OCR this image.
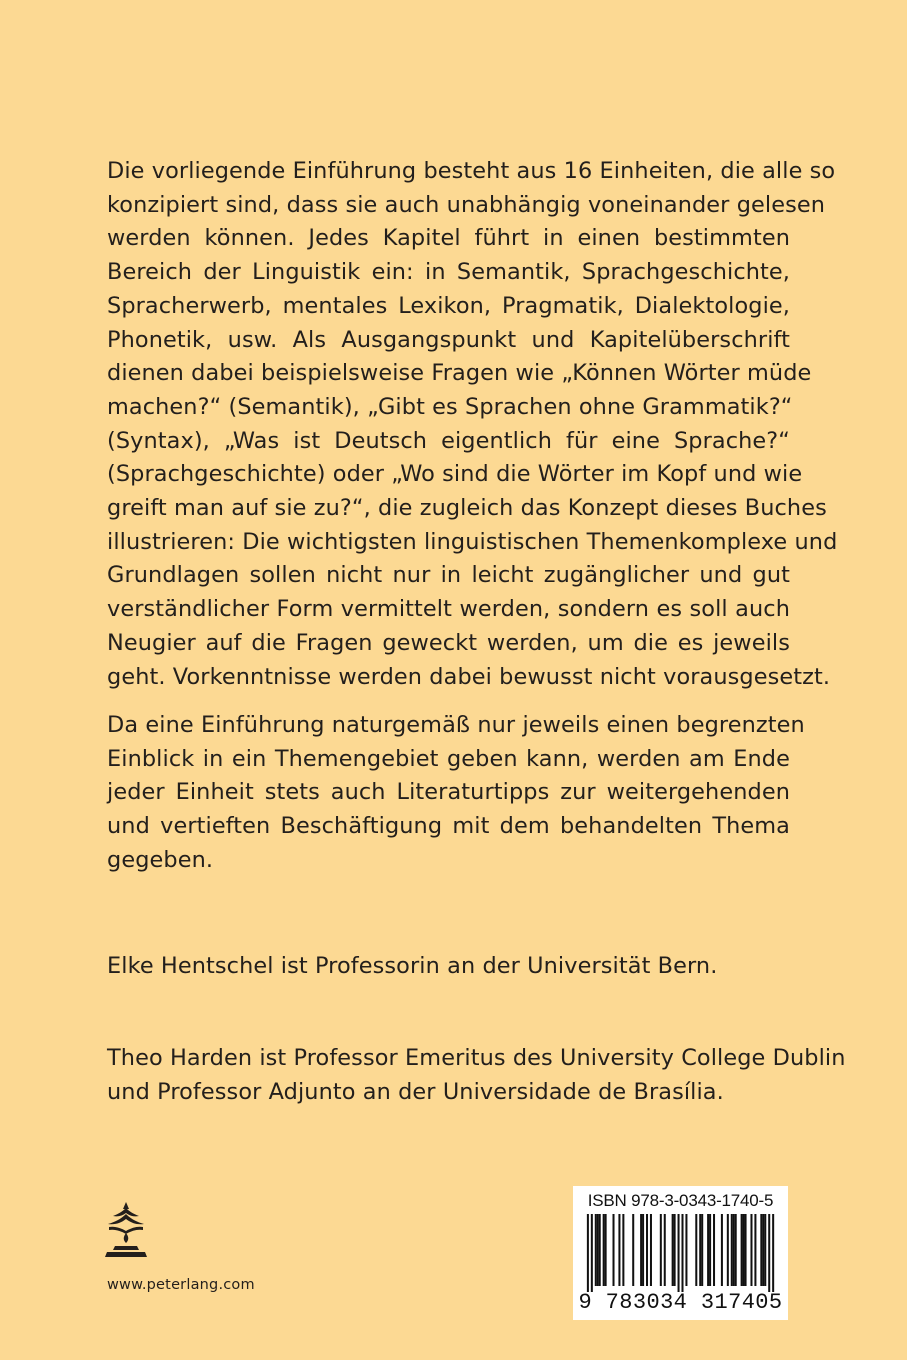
Die vorliegende Einführung besteht aus 16 Einheiten, die alle so
konzipiert sind, dass sie auch unabhängig voneinander gelesen
werden können. Jedes Kapitel führt in einen bestimmten
Bereich der Linguistik ein: in Semantik, Sprachgeschichte,
Spracherwerb, mentales Lexikon, Pragmatik, Dialektologie,
Phonetik, usw. Als Ausgangspunkt und Kapitelüberschrift
dienen dabei beispielsweise Fragen wie „Können Wörter müde
machen?“ (Semantik), „Gibt es Sprachen ohne Grammatik?“
(Syntax), „Was ist Deutsch eigentlich für eine Sprache?“
(Sprachgeschichte) oder „Wo sind die Wörter im Kopf und wie
greift man auf sie zu?“, die zugleich das Konzept dieses Buches
illustrieren: Die wichtigsten linguistischen Themenkomplexe und
Grundlagen sollen nicht nur in leicht zugänglicher und gut
verständlicher Form vermittelt werden, sondern es soll auch
Neugier auf die Fragen geweckt werden, um die es jeweils
geht. Vorkenntnisse werden dabei bewusst nicht vorausgesetzt.
Da eine Einführung naturgemäß nur jeweils einen begrenzten
Einblick in ein Themengebiet geben kann, werden am Ende
jeder Einheit stets auch Literaturtipps zur weitergehenden
und vertieften Beschäftigung mit dem behandelten Thema
gegeben.
Elke Hentschel ist Professorin an der Universität Bern.
Theo Harden ist Professor Emeritus des University College Dublin
und Professor Adjunto an der Universidade de Brasília.
www.peterlang.com
ISBN 978-3-0343-1740-5
9 783034 317405
